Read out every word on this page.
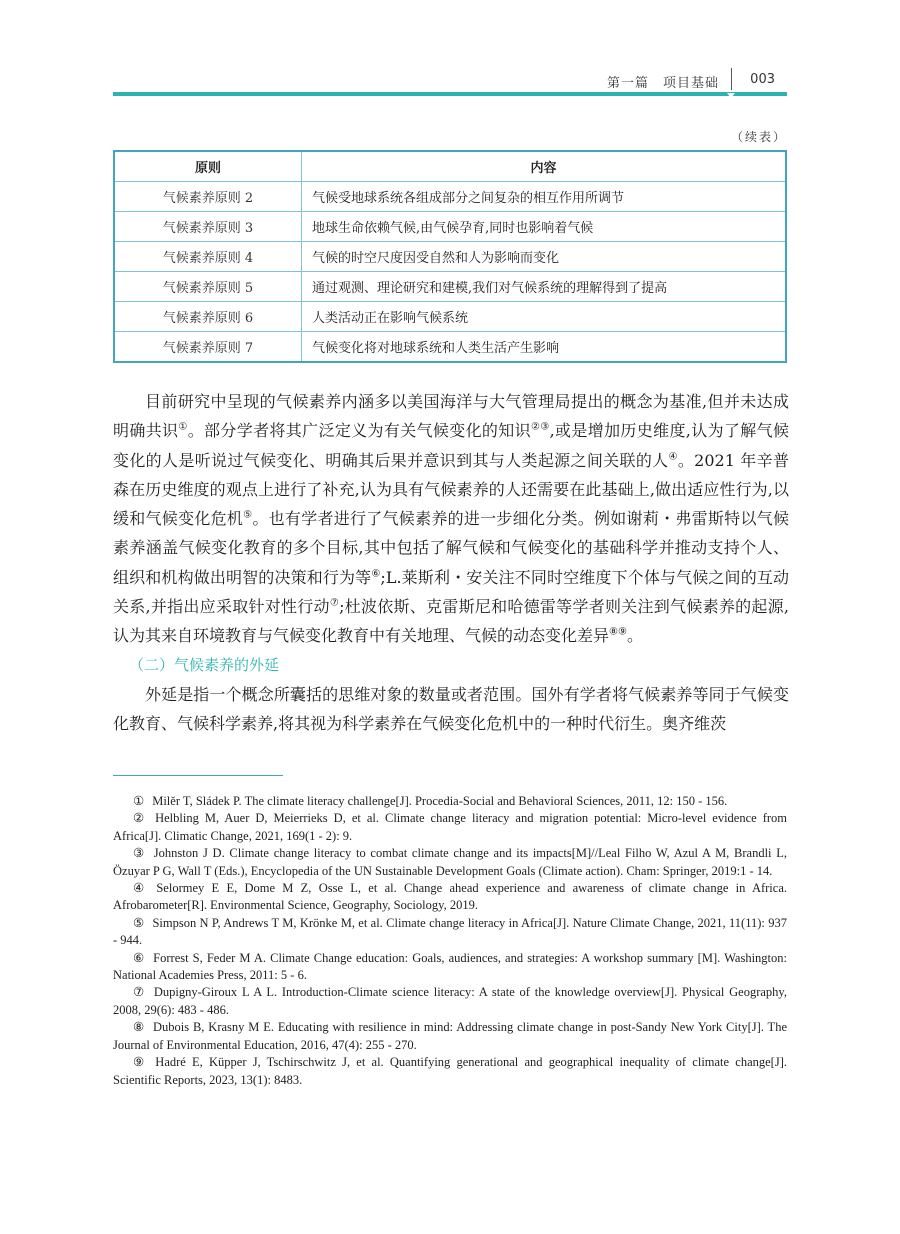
第一篇　项目基础 003
（续表）
原则	内容
气候素养原则 2	气候受地球系统各组成部分之间复杂的相互作用所调节
气候素养原则 3	地球生命依赖气候,由气候孕育,同时也影响着气候
气候素养原则 4	气候的时空尺度因受自然和人为影响而变化
气候素养原则 5	通过观测、理论研究和建模,我们对气候系统的理解得到了提高
气候素养原则 6	人类活动正在影响气候系统
气候素养原则 7	气候变化将对地球系统和人类生活产生影响

目前研究中呈现的气候素养内涵多以美国海洋与大气管理局提出的概念为基准,但并未达成明确共识①。部分学者将其广泛定义为有关气候变化的知识②③,或是增加历史维度,认为了解气候变化的人是听说过气候变化、明确其后果并意识到其与人类起源之间关联的人④。2021 年辛普森在历史维度的观点上进行了补充,认为具有气候素养的人还需要在此基础上,做出适应性行为,以缓和气候变化危机⑤。也有学者进行了气候素养的进一步细化分类。例如谢莉・弗雷斯特以气候素养涵盖气候变化教育的多个目标,其中包括了解气候和气候变化的基础科学并推动支持个人、组织和机构做出明智的决策和行为等⑥;L.莱斯利・安关注不同时空维度下个体与气候之间的互动关系,并指出应采取针对性行动⑦;杜波依斯、克雷斯尼和哈德雷等学者则关注到气候素养的起源,认为其来自环境教育与气候变化教育中有关地理、气候的动态变化差异⑧⑨。

（二）气候素养的外延

外延是指一个概念所囊括的思维对象的数量或者范围。国外有学者将气候素养等同于气候变化教育、气候科学素养,将其视为科学素养在气候变化危机中的一种时代衍生。奥齐维茨

① Milěr T, Sládek P. The climate literacy challenge[J]. Procedia-Social and Behavioral Sciences, 2011, 12: 150 - 156.

② Helbling M, Auer D, Meierrieks D, et al. Climate change literacy and migration potential: Micro-level evidence from Africa[J]. Climatic Change, 2021, 169(1 - 2): 9.

③ Johnston J D. Climate change literacy to combat climate change and its impacts[M]//Leal Filho W, Azul A M, Brandli L, Özuyar P G, Wall T (Eds.), Encyclopedia of the UN Sustainable Development Goals (Climate action). Cham: Springer, 2019:1 - 14.

④ Selormey E E, Dome M Z, Osse L, et al. Change ahead experience and awareness of climate change in Africa. Afrobarometer[R]. Environmental Science, Geography, Sociology, 2019.

⑤ Simpson N P, Andrews T M, Krönke M, et al. Climate change literacy in Africa[J]. Nature Climate Change, 2021, 11(11): 937 - 944.

⑥ Forrest S, Feder M A. Climate Change education: Goals, audiences, and strategies: A workshop summary [M]. Washington: National Academies Press, 2011: 5 - 6.

⑦ Dupigny-Giroux L A L. Introduction-Climate science literacy: A state of the knowledge overview[J]. Physical Geography, 2008, 29(6): 483 - 486.

⑧ Dubois B, Krasny M E. Educating with resilience in mind: Addressing climate change in post-Sandy New York City[J]. The Journal of Environmental Education, 2016, 47(4): 255 - 270.

⑨ Hadré E, Küpper J, Tschirschwitz J, et al. Quantifying generational and geographical inequality of climate change[J]. Scientific Reports, 2023, 13(1): 8483.
